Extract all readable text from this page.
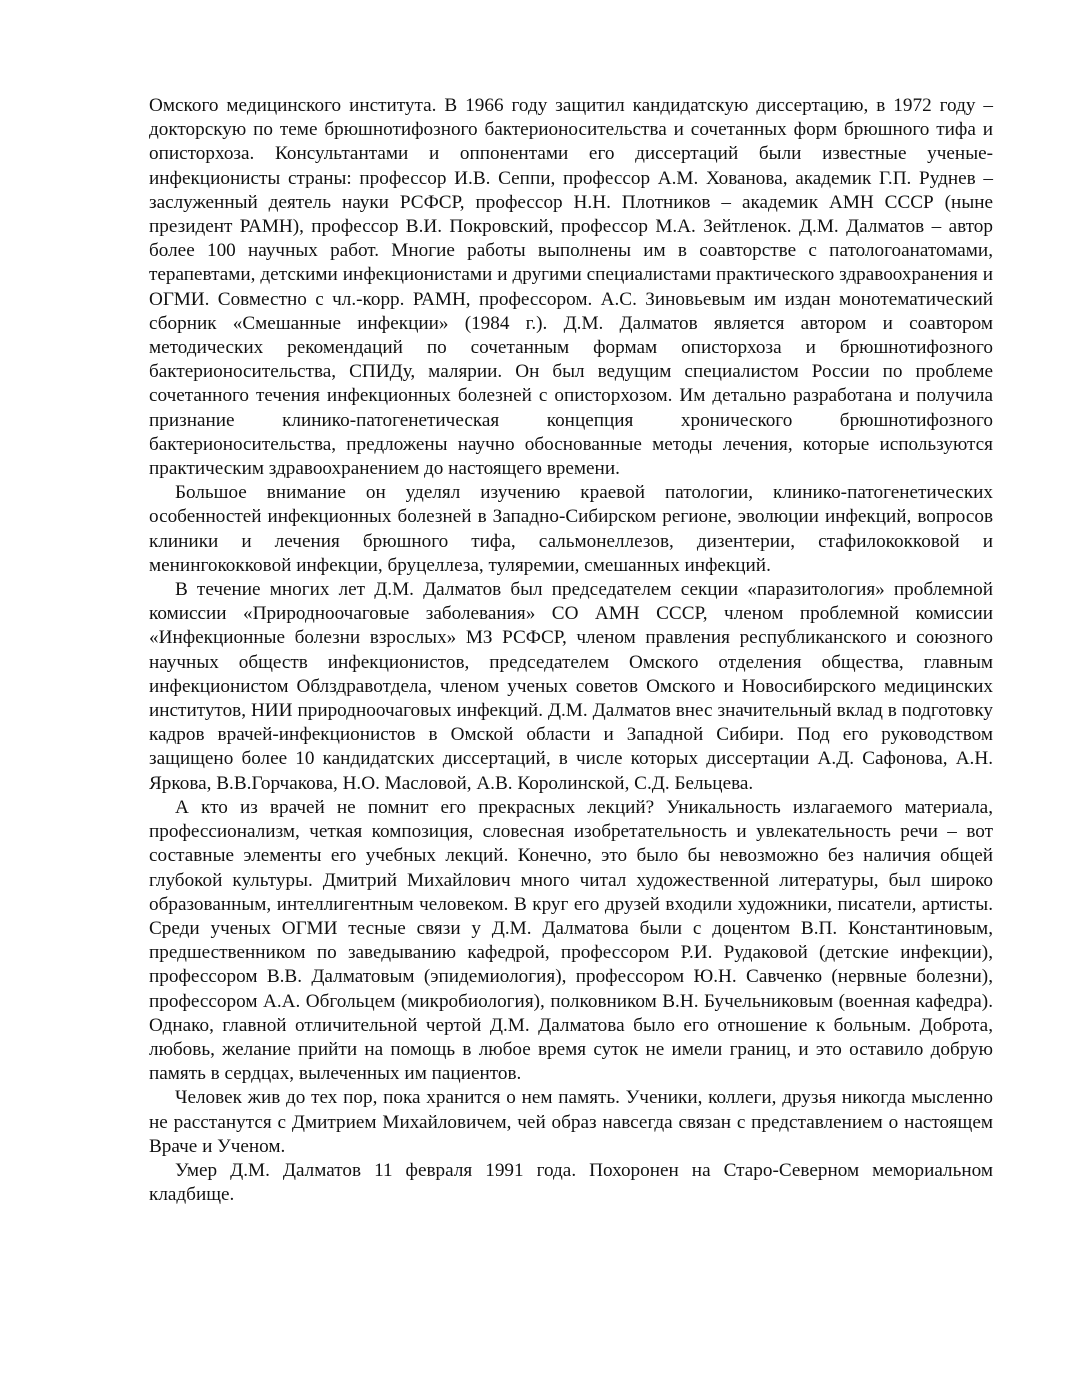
Омского медицинского института. В 1966 году защитил кандидатскую диссертацию, в 1972 году –докторскую по теме брюшнотифозного бактерионосительства и сочетанных форм брюшного тифа и описторхоза. Консультантами и оппонентами его диссертаций были известные ученые-инфекционисты страны: профессор И.В. Сеппи, профессор А.М. Хованова, академик Г.П. Руднев – заслуженный деятель науки РСФСР, профессор Н.Н. Плотников – академик АМН СССР (ныне президент РАМН), профессор В.И. Покровский, профессор М.А. Зейтленок. Д.М. Далматов – автор более 100 научных работ. Многие работы выполнены им в соавторстве с патологоанатомами, терапевтами, детскими инфекционистами и другими специалистами практического здравоохранения и ОГМИ. Совместно с чл.-корр. РАМН, профессором. А.С. Зиновьевым им издан монотематический сборник «Смешанные инфекции» (1984 г.). Д.М. Далматов является автором и соавтором методических рекомендаций по сочетанным формам описторхоза и брюшнотифозного бактерионосительства, СПИДу, малярии. Он был ведущим специалистом России по проблеме сочетанного течения инфекционных болезней с описторхозом. Им детально разработана и получила признание клинико-патогенетическая концепция хронического брюшнотифозного бактерионосительства, предложены научно обоснованные методы лечения, которые используются практическим здравоохранением до настоящего времени.

Большое внимание он уделял изучению краевой патологии, клинико-патогенетических особенностей инфекционных болезней в Западно-Сибирском регионе, эволюции инфекций, вопросов клиники и лечения брюшного тифа, сальмонеллезов, дизентерии, стафилококковой и менингококковой инфекции, бруцеллеза, туляремии, смешанных инфекций.

В течение многих лет Д.М. Далматов был председателем секции «паразитология» проблемной комиссии «Природноочаговые заболевания» СО АМН СССР, членом проблемной комиссии «Инфекционные болезни взрослых» МЗ РСФСР, членом правления республиканского и союзного научных обществ инфекционистов, председателем Омского отделения общества, главным инфекционистом Облздравотдела, членом ученых советов Омского и Новосибирского медицинских институтов, НИИ природноочаговых инфекций. Д.М. Далматов внес значительный вклад в подготовку кадров врачей-инфекционистов в Омской области и Западной Сибири. Под его руководством защищено более 10 кандидатских диссертаций, в числе которых диссертации А.Д. Сафонова, А.Н. Яркова, В.В.Горчакова, Н.О. Масловой, А.В. Королинской, С.Д. Бельцева.

А кто из врачей не помнит его прекрасных лекций? Уникальность излагаемого материала, профессионализм, четкая композиция, словесная изобретательность и увлекательность речи – вот составные элементы его учебных лекций. Конечно, это было бы невозможно без наличия общей глубокой культуры. Дмитрий Михайлович много читал художественной литературы, был широко образованным, интеллигентным человеком. В круг его друзей входили художники, писатели, артисты. Среди ученых ОГМИ тесные связи у Д.М. Далматова были с доцентом В.П. Константиновым, предшественником по заведыванию кафедрой, профессором Р.И. Рудаковой (детские инфекции), профессором В.В. Далматовым (эпидемиология), профессором Ю.Н. Савченко (нервные болезни), профессором А.А. Обгольцем (микробиология), полковником В.Н. Бучельниковым (военная кафедра). Однако, главной отличительной чертой Д.М. Далматова было его отношение к больным. Доброта, любовь, желание прийти на помощь в любое время суток не имели границ, и это оставило добрую память в сердцах, вылеченных им пациентов.

Человек жив до тех пор, пока хранится о нем память. Ученики, коллеги, друзья никогда мысленно не расстанутся с Дмитрием Михайловичем, чей образ навсегда связан с представлением о настоящем Враче и Ученом.

Умер Д.М. Далматов 11 февраля 1991 года. Похоронен на Старо-Северном мемориальном кладбище.
